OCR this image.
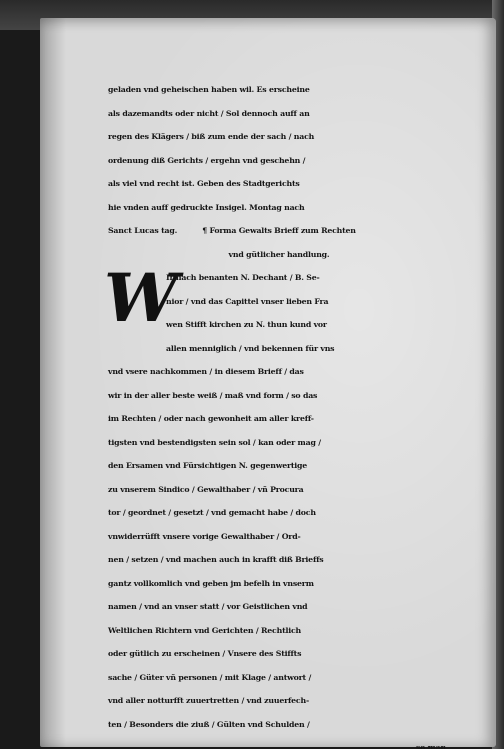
geladen vnd geheischen haben wil. Es erscheine
als dazemandts oder nicht / Sol dennoch auff an
regen des Klägers / biß zum ende der sach / nach
ordenung diß Gerichts / ergehn vnd geschehn /
als viel vnd recht ist. Geben des Stadtgerichts
hie vnden auff gedruckte Insigel. Montag nach
Sanct Lucas tag.	¶ Forma Gewalts Brieff zum Rechten
vnd gütlicher handlung.
W
Ir nach benanten N. Dechant / B. Se-
nior / vnd das Capittel vnser lieben Fra
wen Stifft kirchen zu N. thun kund vor
allen menniglich / vnd bekennen für vns
vnd vsere nachkommen / in diesem Brieff / das
wir in der aller beste weiß / maß vnd form / so das
im Rechten / oder nach gewonheit am aller kreff-
tigsten vnd bestendigsten sein sol / kan oder mag /
den Ersamen vnd Fürsichtigen N. gegenwertige
zu vnserem Sindico / Gewalthaber / vñ Procura
tor / geordnet / gesetzt / vnd gemacht habe / doch
vnwiderrüfft vnsere vorige Gewalthaber / Ord-
nen / setzen / vnd machen auch in krafft diß Brieffs
gantz vollkomlich vnd geben jm befelh in vnserm
namen / vnd an vnser statt / vor Geistlichen vnd
Weltlichen Richtern vnd Gerichten / Rechtlich
oder gütlich zu erscheinen / Vnsere des Stiffts
sache / Güter vñ personen / mit Klage / antwort /
vnd aller notturfft zuuertretten / vnd zuuerfech-
ten / Besonders die ziuß / Gülten vnd Schulden /
so man
